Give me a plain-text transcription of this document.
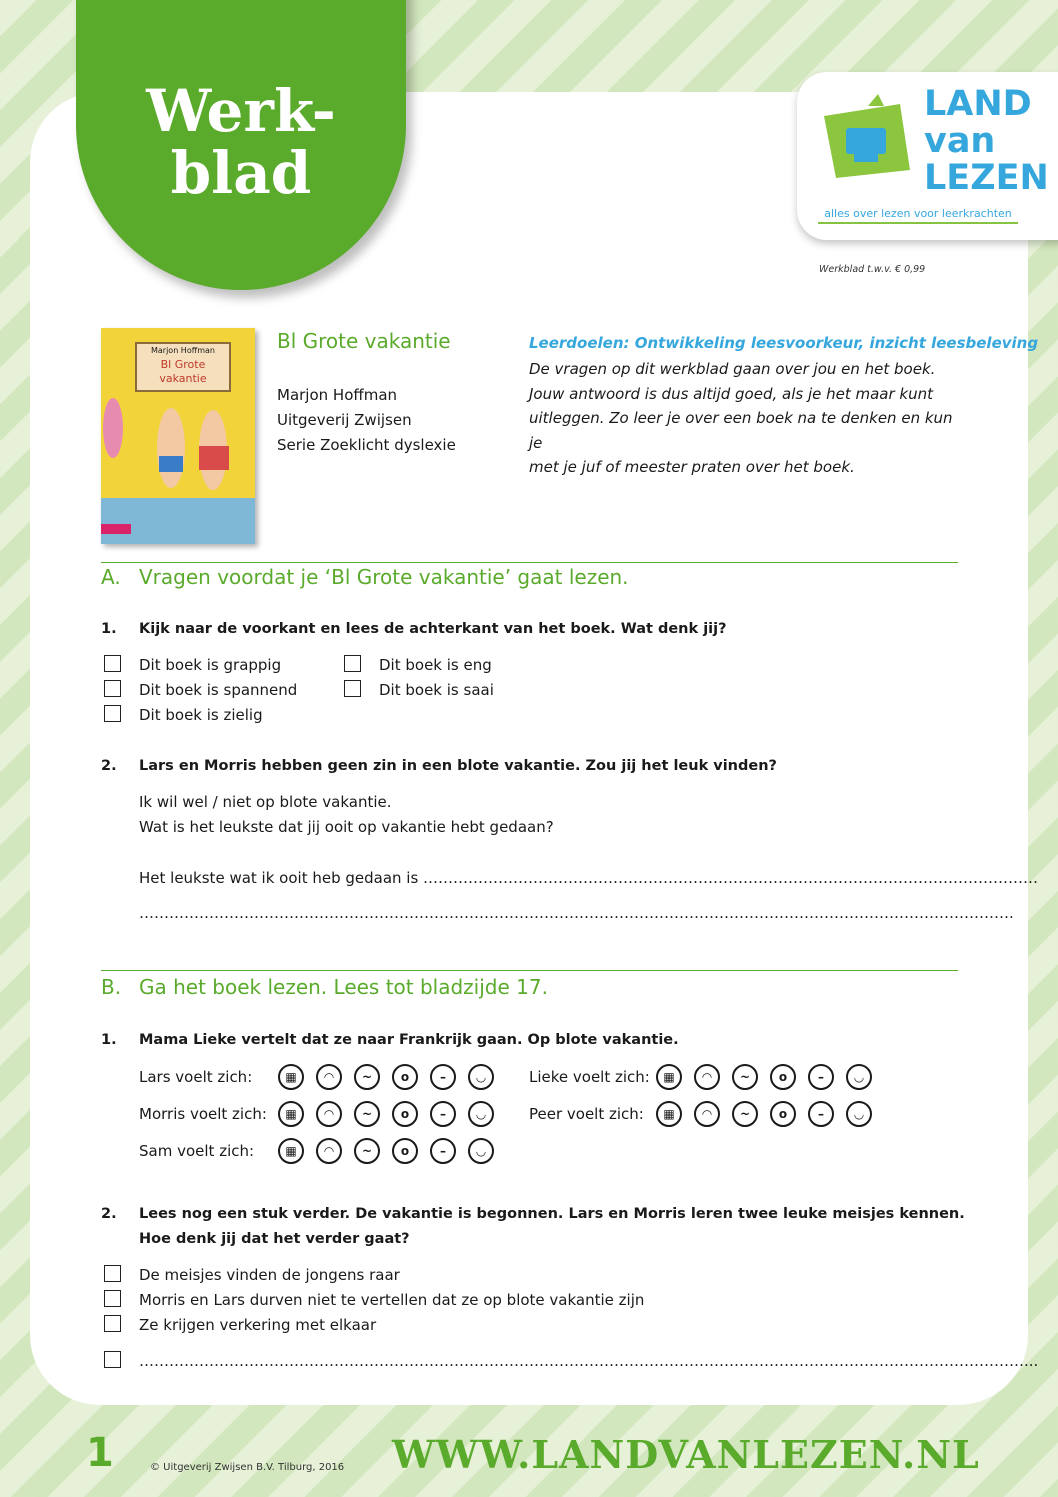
Werk-
blad
LAND
van
LEZEN
alles over lezen voor leerkrachten
Werkblad t.w.v. € 0,99
Marjon Hoffman
Bl Grote vakantie
Bl Grote vakantie
Marjon Hoffman
Uitgeverij Zwijsen
Serie Zoeklicht dyslexie
Leerdoelen: Ontwikkeling leesvoorkeur, inzicht leesbeleving
De vragen op dit werkblad gaan over jou en het boek.
Jouw antwoord is dus altijd goed, als je het maar kunt
uitleggen. Zo leer je over een boek na te denken en kun je
met je juf of meester praten over het boek.
A. Vragen voordat je ‘Bl Grote vakantie’ gaat lezen.
1. Kijk naar de voorkant en lees de achterkant van het boek. Wat denk jij?
Dit boek is grappig
Dit boek is spannend
Dit boek is zielig
Dit boek is eng
Dit boek is saai
2. Lars en Morris hebben geen zin in een blote vakantie. Zou jij het leuk vinden?
Ik wil wel / niet op blote vakantie.
Wat is het leukste dat jij ooit op vakantie hebt gedaan?
Het leukste wat ik ooit heb gedaan is ……………………………………………………………………………………………………………
………………………………………………………………………………………………………………………………………………………….
B. Ga het boek lezen. Lees tot bladzijde 17.
1. Mama Lieke vertelt dat ze naar Frankrijk gaan. Op blote vakantie.
Lars voelt zich:	▦	◠	~	o	–	◡
Morris voelt zich:	▦	◠	~	o	–	◡
Sam voelt zich:	▦	◠	~	o	–	◡
Lieke voelt zich:	▦	◠	~	o	–	◡
Peer voelt zich:	▦	◠	~	o	–	◡
2. Lees nog een stuk verder. De vakantie is begonnen. Lars en Morris leren twee leuke meisjes kennen.
Hoe denk jij dat het verder gaat?
De meisjes vinden de jongens raar
Morris en Lars durven niet te vertellen dat ze op blote vakantie zijn
Ze krijgen verkering met elkaar
……………………………………………………………………………………………………………………………………………………………...
1	© Uitgeverij Zwijsen B.V. Tilburg, 2016 WWW.LANDVANLEZEN.NL
